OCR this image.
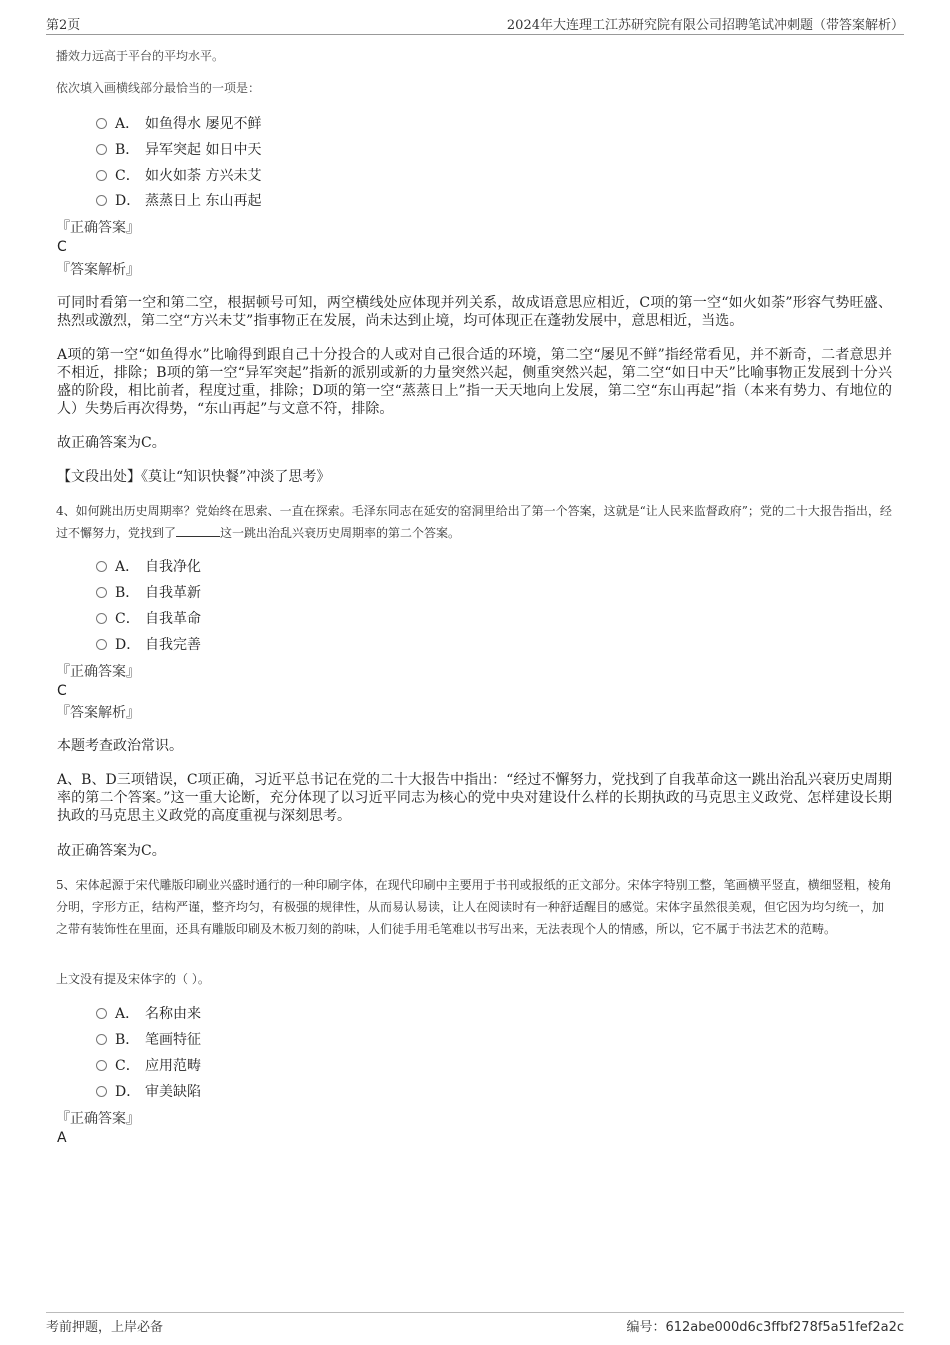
第2页	2024年大连理工江苏研究院有限公司招聘笔试冲刺题（带答案解析）
播效力远高于平台的平均水平。
依次填入画横线部分最恰当的一项是：
A． 如鱼得水 屡见不鲜
B． 异军突起 如日中天
C． 如火如荼 方兴未艾
D． 蒸蒸日上 东山再起
『正确答案』
C
『答案解析』
可同时看第一空和第二空，根据顿号可知，两空横线处应体现并列关系，故成语意思应相近，C项的第一空“如火如荼”形容气势旺盛、热烈或激烈，第二空“方兴未艾”指事物正在发展，尚未达到止境，均可体现正在蓬勃发展中，意思相近，当选。
A项的第一空“如鱼得水”比喻得到跟自己十分投合的人或对自己很合适的环境，第二空“屡见不鲜”指经常看见，并不新奇，二者意思并不相近，排除；B项的第一空“异军突起”指新的派别或新的力量突然兴起，侧重突然兴起，第二空“如日中天”比喻事物正发展到十分兴盛的阶段，相比前者，程度过重，排除；D项的第一空“蒸蒸日上”指一天天地向上发展，第二空“东山再起”指（本来有势力、有地位的人）失势后再次得势，“东山再起”与文意不符，排除。
故正确答案为C。
【文段出处】《莫让“知识快餐”冲淡了思考》
4、如何跳出历史周期率？党始终在思索、一直在探索。毛泽东同志在延安的窑洞里给出了第一个答案，这就是“让人民来监督政府”；党的二十大报告指出，经过不懈努力，党找到了	这一跳出治乱兴衰历史周期率的第二个答案。
A． 自我净化
B． 自我革新
C． 自我革命
D． 自我完善
『正确答案』
C
『答案解析』
本题考查政治常识。
A、B、D三项错误，C项正确，习近平总书记在党的二十大报告中指出：“经过不懈努力，党找到了自我革命这一跳出治乱兴衰历史周期率的第二个答案。”这一重大论断，充分体现了以习近平同志为核心的党中央对建设什么样的长期执政的马克思主义政党、怎样建设长期执政的马克思主义政党的高度重视与深刻思考。
故正确答案为C。
5、宋体起源于宋代雕版印刷业兴盛时通行的一种印刷字体，在现代印刷中主要用于书刊或报纸的正文部分。宋体字特别工整，笔画横平竖直，横细竖粗，棱角分明，字形方正，结构严谨，整齐均匀，有极强的规律性，从而易认易读，让人在阅读时有一种舒适醒目的感觉。宋体字虽然很美观，但它因为均匀统一，加之带有装饰性在里面，还具有雕版印刷及木板刀刻的韵味，人们徒手用毛笔难以书写出来，无法表现个人的情感，所以，它不属于书法艺术的范畴。
上文没有提及宋体字的（ ）。
A． 名称由来
B． 笔画特征
C． 应用范畴
D． 审美缺陷
『正确答案』
A
考前押题，上岸必备	编号：612abe000d6c3ffbf278f5a51fef2a2c
